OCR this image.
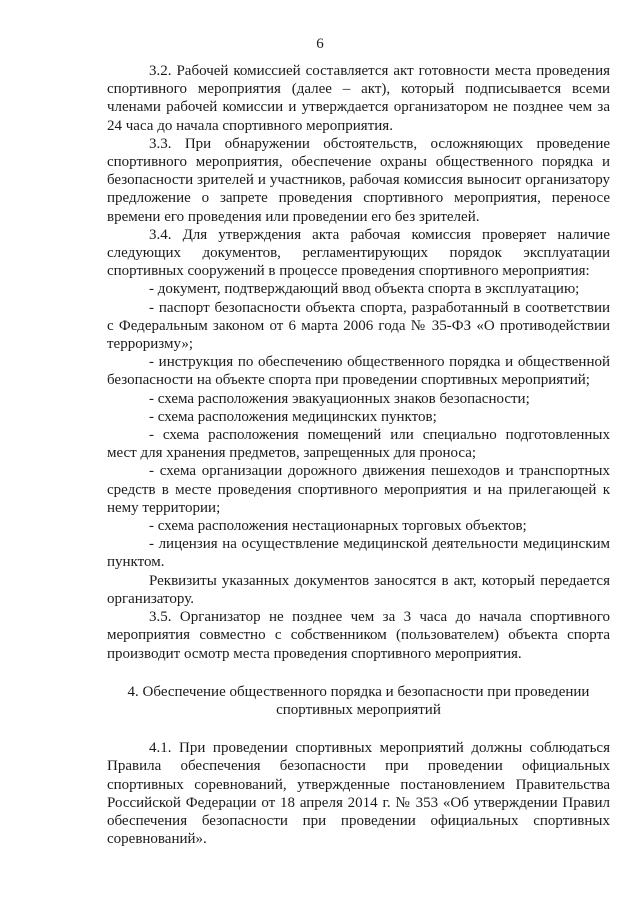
6

3.2. Рабочей комиссией составляется акт готовности места проведения спортивного мероприятия (далее – акт), который подписывается всеми членами рабочей комиссии и утверждается организатором не позднее чем за 24 часа до начала спортивного мероприятия.

3.3. При обнаружении обстоятельств, осложняющих проведение спортивного мероприятия, обеспечение охраны общественного порядка и безопасности зрителей и участников, рабочая комиссия выносит организатору предложение о запрете проведения спортивного мероприятия, переносе времени его проведения или проведении его без зрителей.

3.4. Для утверждения акта рабочая комиссия проверяет наличие следующих документов, регламентирующих порядок эксплуатации спортивных сооружений в процессе проведения спортивного мероприятия:

- документ, подтверждающий ввод объекта спорта в эксплуатацию;

- паспорт безопасности объекта спорта, разработанный в соответствии с Федеральным законом от 6 марта 2006 года № 35-ФЗ «О противодействии терроризму»;

- инструкция по обеспечению общественного порядка и общественной безопасности на объекте спорта при проведении спортивных мероприятий;

- схема расположения эвакуационных знаков безопасности;

- схема расположения медицинских пунктов;

- схема расположения помещений или специально подготовленных мест для хранения предметов, запрещенных для проноса;

- схема организации дорожного движения пешеходов и транспортных средств в месте проведения спортивного мероприятия и на прилегающей к нему территории;

- схема расположения нестационарных торговых объектов;

- лицензия на осуществление медицинской деятельности медицинским пунктом.

Реквизиты указанных документов заносятся в акт, который передается организатору.

3.5. Организатор не позднее чем за 3 часа до начала спортивного мероприятия совместно с собственником (пользователем) объекта спорта производит осмотр места проведения спортивного мероприятия.

4. Обеспечение общественного порядка и безопасности при проведении
спортивных мероприятий

4.1. При проведении спортивных мероприятий должны соблюдаться Правила обеспечения безопасности при проведении официальных спортивных соревнований, утвержденные постановлением Правительства Российской Федерации от 18 апреля 2014 г. № 353 «Об утверждении Правил обеспечения безопасности при проведении официальных спортивных соревнований».
